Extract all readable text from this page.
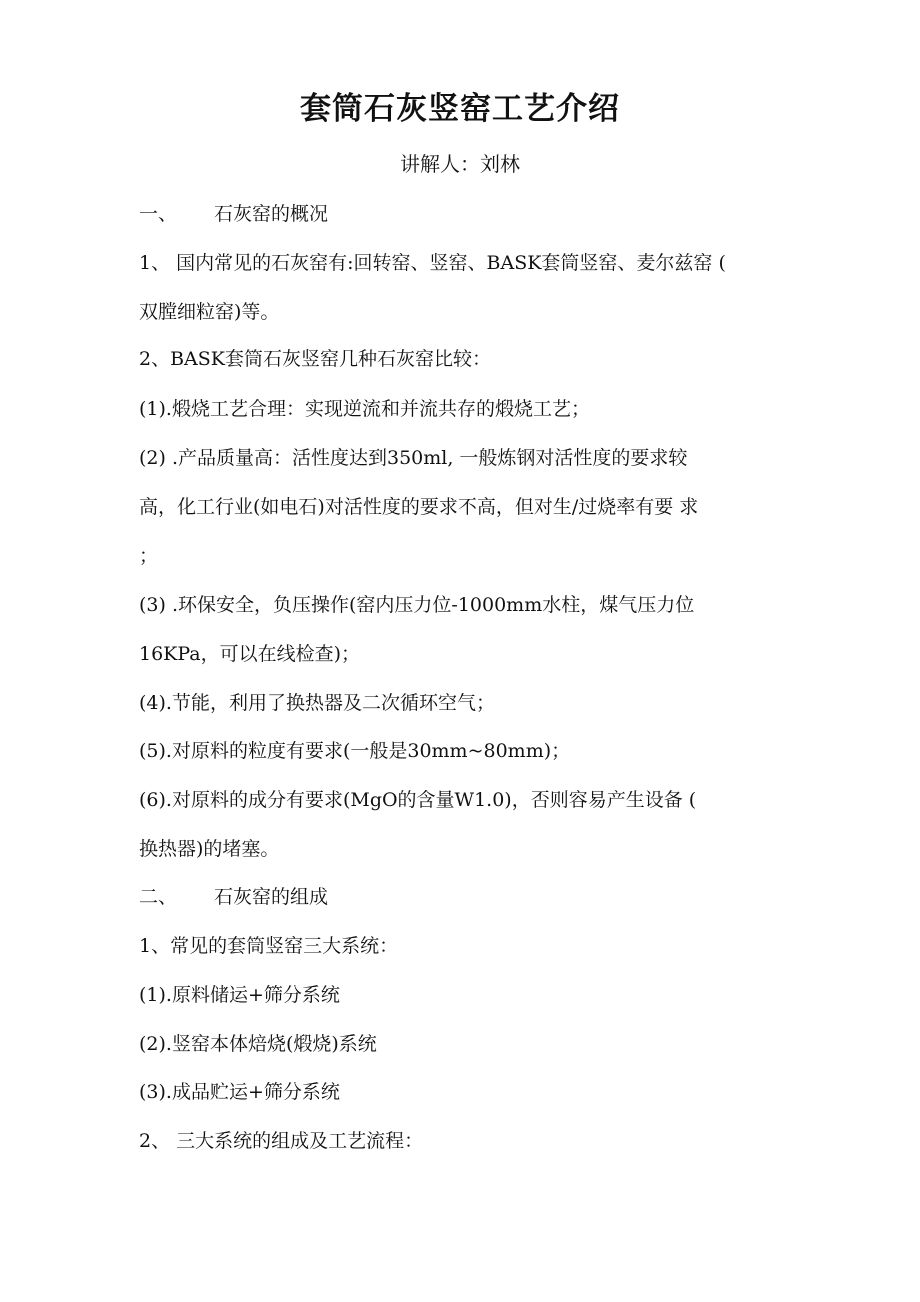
套筒石灰竖窑工艺介绍
讲解人：刘林
一、 石灰窑的概况
1、 国内常见的石灰窑有:回转窑、竖窑、BASK套筒竖窑、麦尔兹窑 (
双膛细粒窑)等。
2、BASK套筒石灰竖窑几种石灰窑比较：
(1).煅烧工艺合理：实现逆流和并流共存的煅烧工艺；
(2) .产品质量高：活性度达到350ml, 一般炼钢对活性度的要求较
高，化工行业(如电石)对活性度的要求不高，但对生/过烧率有要 求
；
(3) .环保安全，负压操作(窑内压力位-1000mm水柱，煤气压力位
16KPa，可以在线检查)；
(4).节能，利用了换热器及二次循环空气；
(5).对原料的粒度有要求(一般是30mm~80mm)；
(6).对原料的成分有要求(MgO的含量W1.0)，否则容易产生设备 (
换热器)的堵塞。
二、 石灰窑的组成
1、常见的套筒竖窑三大系统：
(1).原料储运+筛分系统
(2).竖窑本体焙烧(煅烧)系统
(3).成品贮运+筛分系统
2、 三大系统的组成及工艺流程：
